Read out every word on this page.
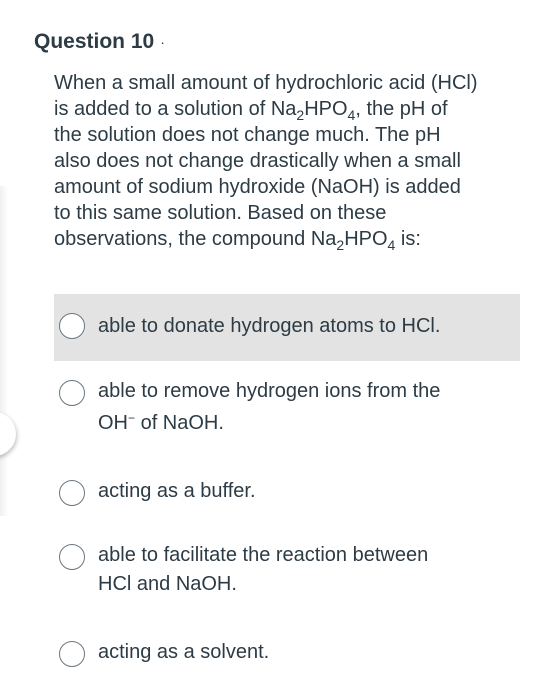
Question 10 ·
When a small amount of hydrochloric acid (HCl)
is added to a solution of $Na_2HPO_4$, the pH of
the solution does not change much. The pH
also does not change drastically when a small
amount of sodium hydroxide (NaOH) is added
to this same solution. Based on these
observations, the compound $Na_2HPO_4$ is:
able to donate hydrogen atoms to HCl.
able to remove hydrogen ions from the
OH− of NaOH.
acting as a buffer.
able to facilitate the reaction between
HCl and NaOH.
acting as a solvent.
